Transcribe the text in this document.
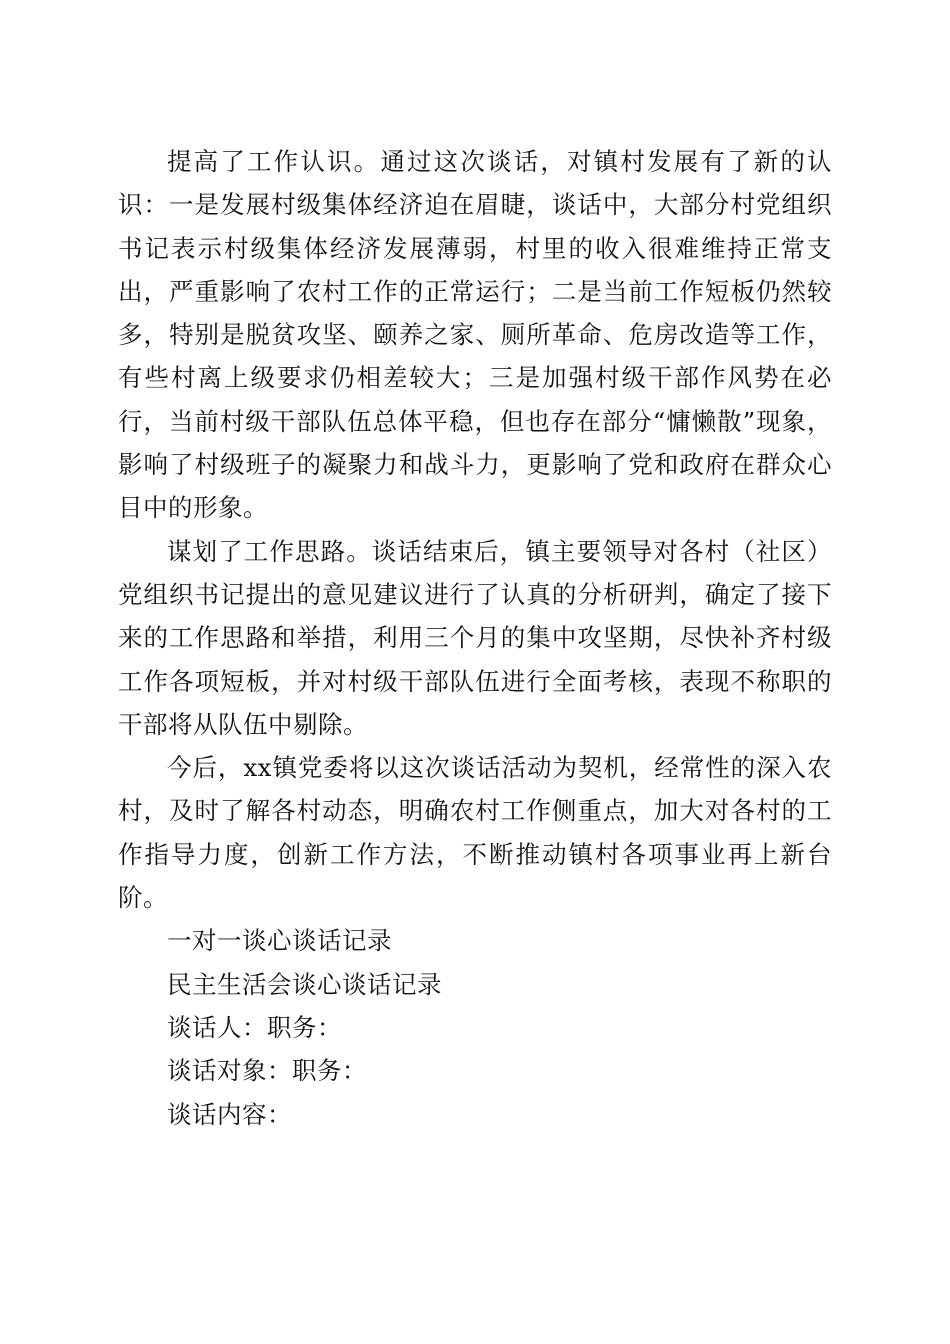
提高了工作认识。通过这次谈话，对镇村发展有了新的认识：一是发展村级集体经济迫在眉睫，谈话中，大部分村党组织书记表示村级集体经济发展薄弱，村里的收入很难维持正常支出，严重影响了农村工作的正常运行；二是当前工作短板仍然较多，特别是脱贫攻坚、颐养之家、厕所革命、危房改造等工作，有些村离上级要求仍相差较大；三是加强村级干部作风势在必行，当前村级干部队伍总体平稳，但也存在部分“慵懒散”现象，影响了村级班子的凝聚力和战斗力，更影响了党和政府在群众心目中的形象。

谋划了工作思路。谈话结束后，镇主要领导对各村（社区）党组织书记提出的意见建议进行了认真的分析研判，确定了接下来的工作思路和举措，利用三个月的集中攻坚期，尽快补齐村级工作各项短板，并对村级干部队伍进行全面考核，表现不称职的干部将从队伍中剔除。

今后，xx镇党委将以这次谈话活动为契机，经常性的深入农村，及时了解各村动态，明确农村工作侧重点，加大对各村的工作指导力度，创新工作方法，不断推动镇村各项事业再上新台阶。

一对一谈心谈话记录

民主生活会谈心谈话记录

谈话人：职务：

谈话对象：职务：

谈话内容：
